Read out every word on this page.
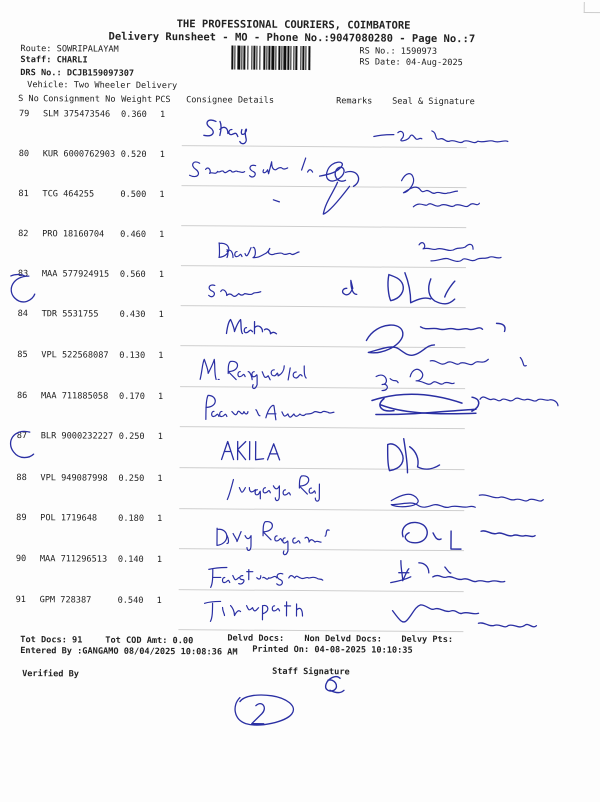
THE PROFESSIONAL COURIERS, COIMBATORE
Delivery Runsheet - MO - Phone No.:9047080280 - Page No.:7
Route: SOWRIPALAYAM
Staff: CHARLI
DRS No.: DCJB159097307
Vehicle: Two Wheeler Delivery
RS No.: 1590973
RS Date: 04-Aug-2025
S No Consignment No Weight PCS Consignee Details	Remarks Seal & Signature
79 SLM 375473546 0.360 1
80 KUR 6000762903 0.520 1
81 TCG 464255	0.500 1
82 PRO 18160704 0.460 1
83 MAA 577924915 0.560 1
84 TDR 5531755 0.430 1
85 VPL 522568087 0.130 1
86 MAA 711885058 0.170 1
87 BLR 9000232227 0.250 1
88 VPL 949087998 0.250 1
89 POL 1719648 0.180 1
90 MAA 711296513 0.140 1
91 GPM 728387	0.540 1
Tot Docs: 91	Tot COD Amt: 0.00	Delvd Docs: Non Delvd Docs: Delvy Pts:
Entered By :GANGAMO 08/04/2025 10:08:36 AM Printed On: 04-08-2025 10:10:35
Staff Signature
Verified By
